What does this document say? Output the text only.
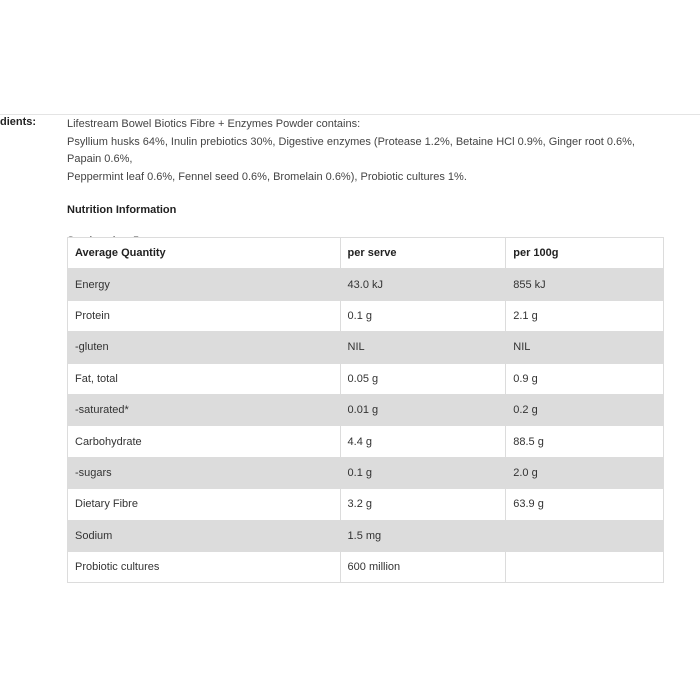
dients:	Lifestream Bowel Biotics Fibre + Enzymes Powder contains:
Psyllium husks 64%, Inulin prebiotics 30%, Digestive enzymes (Protease 1.2%, Betaine HCl 0.9%, Ginger root 0.6%, Papain 0.6%,
Peppermint leaf 0.6%, Fennel seed 0.6%, Bromelain 0.6%), Probiotic cultures 1%.
Nutrition Information
Average Quantity	per serve	per 100g
Energy	43.0 kJ	855 kJ
Protein	0.1 g	2.1 g
-gluten	NIL	NIL
Fat, total	0.05 g	0.9 g
-saturated*	0.01 g	0.2 g
Carbohydrate	4.4 g	88.5 g
-sugars	0.1 g	2.0 g
Dietary Fibre	3.2 g	63.9 g
Sodium	1.5 mg	
Probiotic cultures	600 million	
